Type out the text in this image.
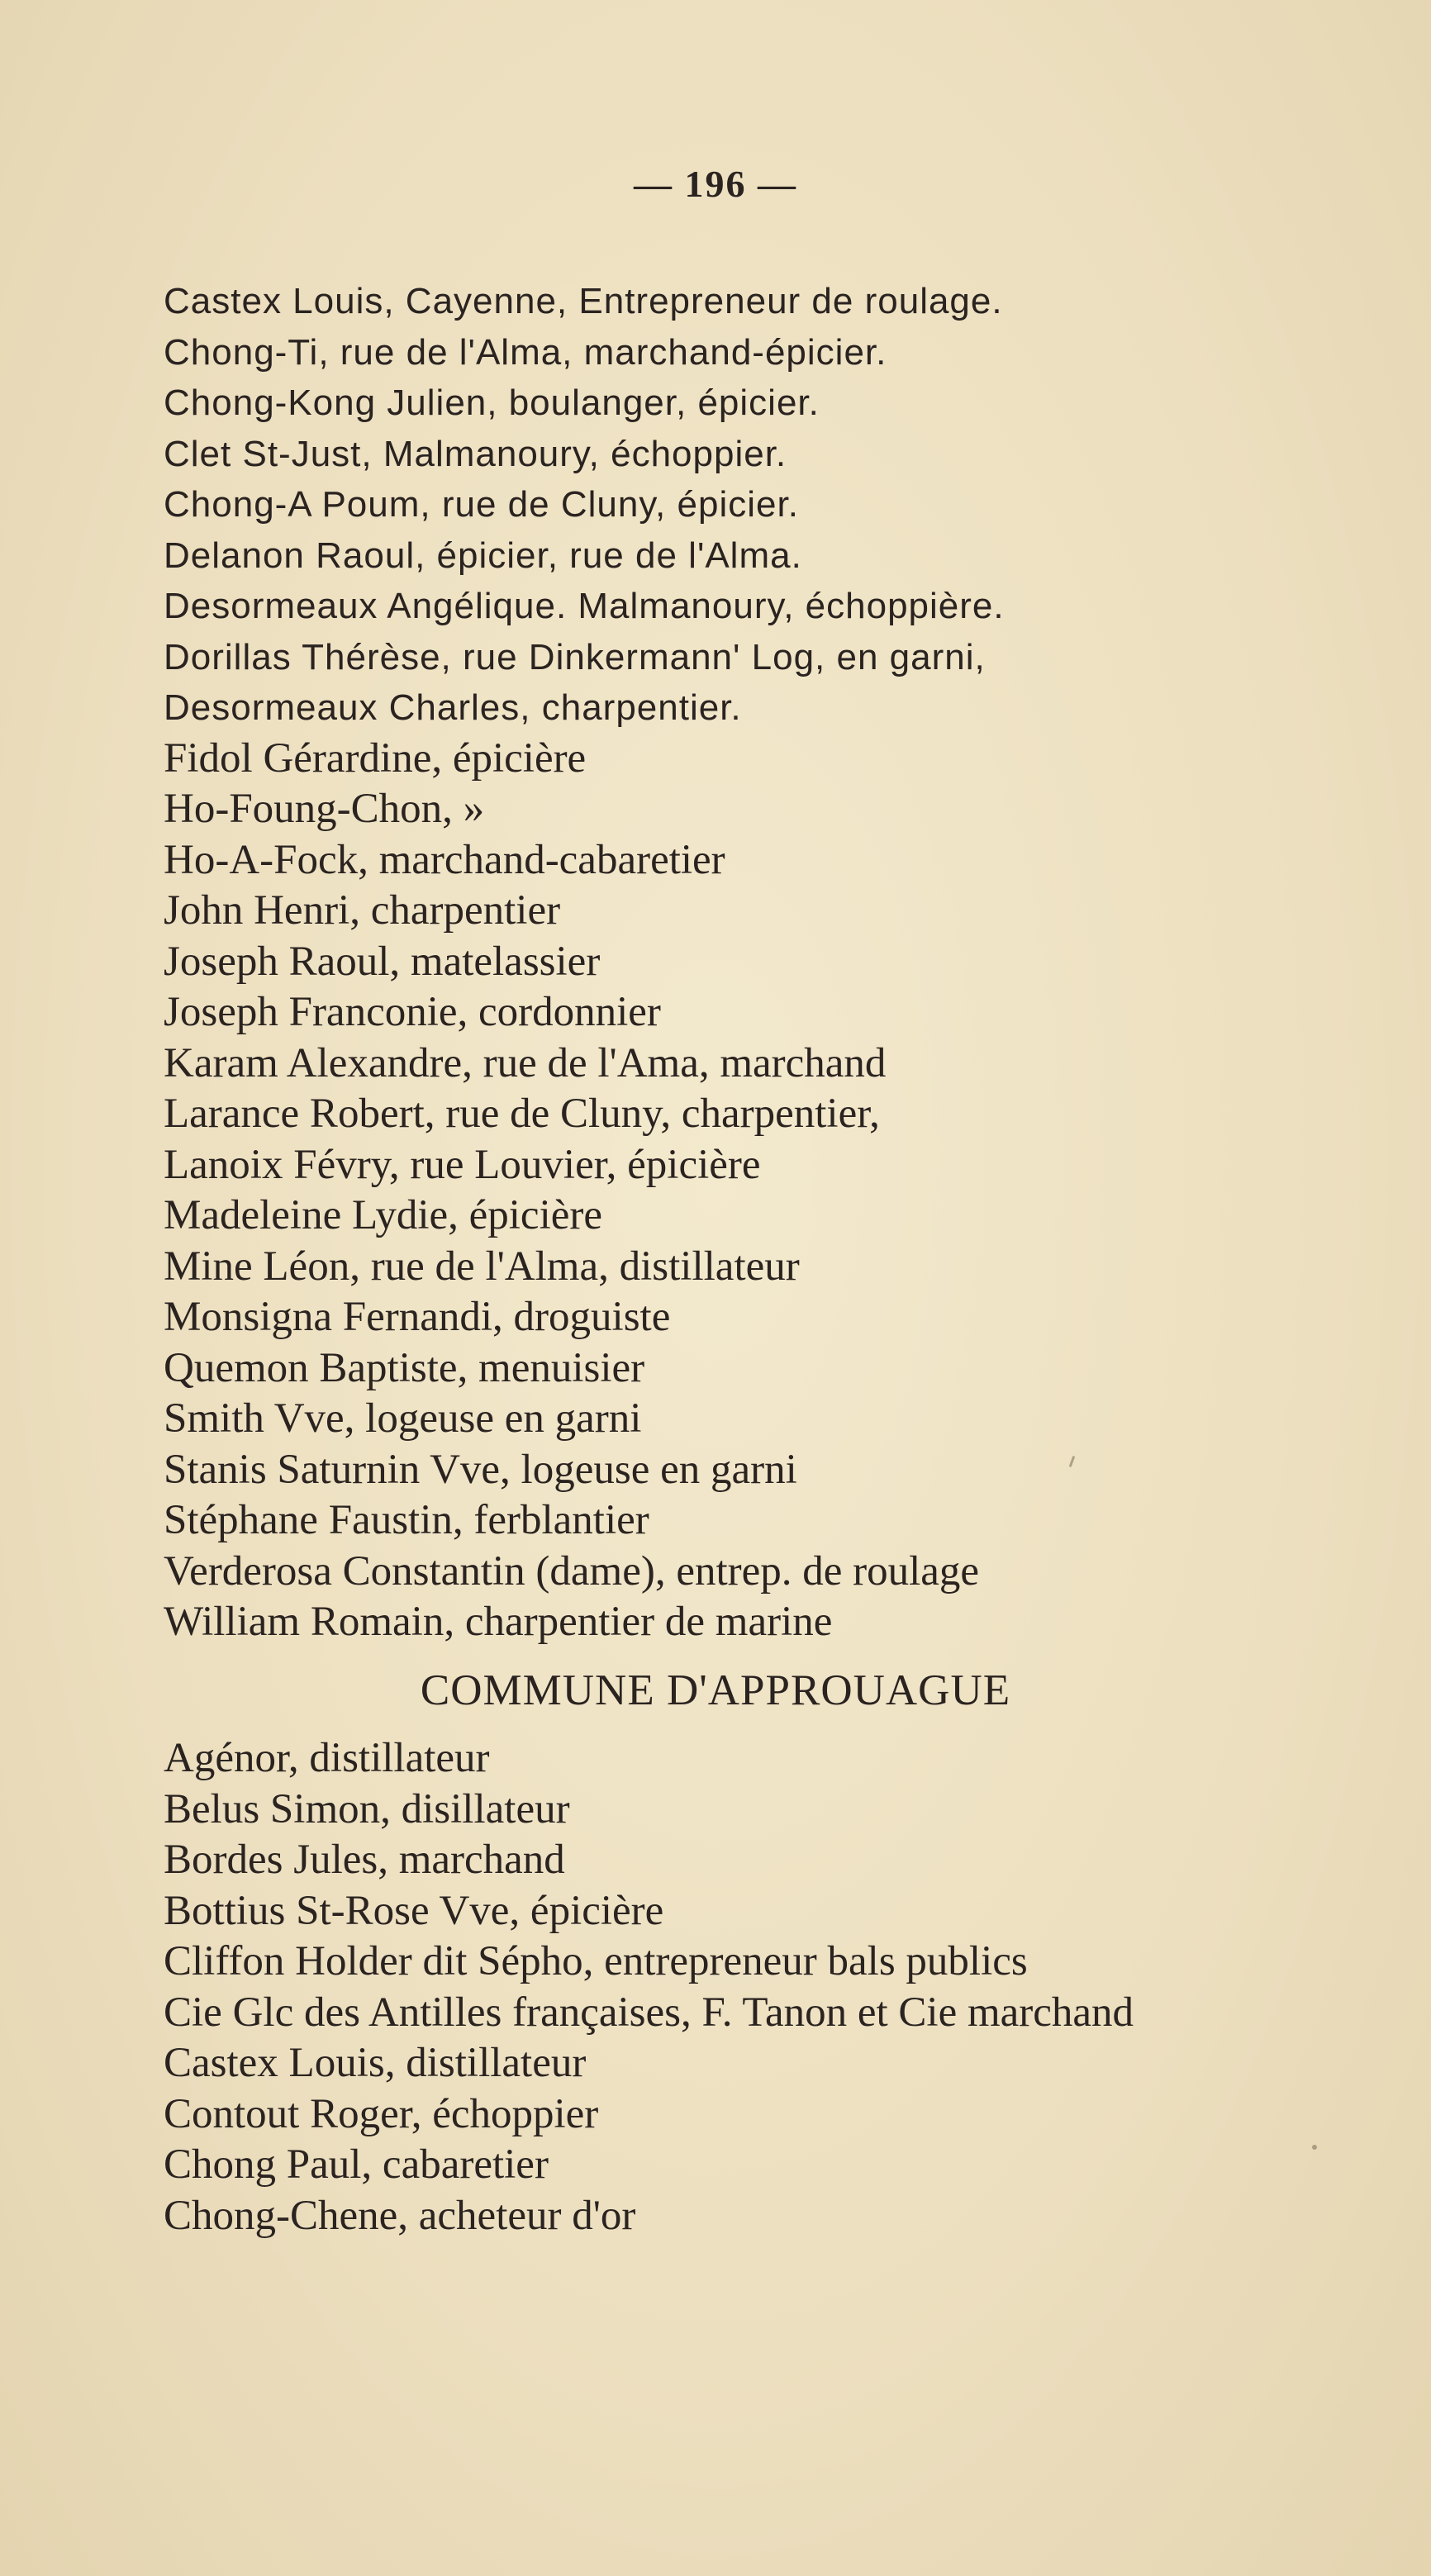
— 196 —
Castex Louis, Cayenne, Entrepreneur de roulage.
Chong-Ti, rue de l'Alma, marchand-épicier.
Chong-Kong Julien, boulanger, épicier.
Clet St-Just, Malmanoury, échoppier.
Chong-A Poum, rue de Cluny, épicier.
Delanon Raoul, épicier, rue de l'Alma.
Desormeaux Angélique. Malmanoury, échoppière.
Dorillas Thérèse, rue Dinkermann' Log, en garni,
Desormeaux Charles, charpentier.
Fidol Gérardine, épicière
Ho-Foung-Chon, »
Ho-A-Fock, marchand-cabaretier
John Henri, charpentier
Joseph Raoul, matelassier
Joseph Franconie, cordonnier
Karam Alexandre, rue de l'Ama, marchand
Larance Robert, rue de Cluny, charpentier,
Lanoix Févry, rue Louvier, épicière
Madeleine Lydie, épicière
Mine Léon, rue de l'Alma, distillateur
Monsigna Fernandi, droguiste
Quemon Baptiste, menuisier
Smith Vve, logeuse en garni
Stanis Saturnin Vve, logeuse en garni
Stéphane Faustin, ferblantier
Verderosa Constantin (dame), entrep. de roulage
William Romain, charpentier de marine
COMMUNE D'APPROUAGUE
Agénor, distillateur
Belus Simon, disillateur
Bordes Jules, marchand
Bottius St-Rose Vve, épicière
Cliffon Holder dit Sépho, entrepreneur bals publics
Cie Glc des Antilles françaises, F. Tanon et Cie marchand
Castex Louis, distillateur
Contout Roger, échoppier
Chong Paul, cabaretier
Chong-Chene, acheteur d'or
